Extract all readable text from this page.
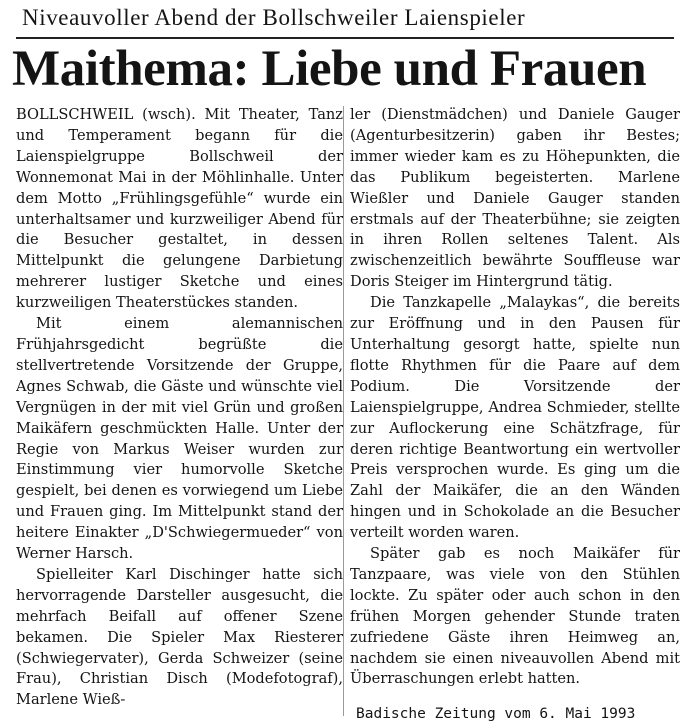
Niveauvoller Abend der Bollschweiler Laienspieler
Maithema: Liebe und Frauen

BOLLSCHWEIL (wsch). Mit Theater, Tanz und Temperament begann für die Laienspielgruppe Bollschweil der Wonnemonat Mai in der Möhlinhalle. Unter dem Motto „Frühlingsgefühle“ wurde ein unterhaltsamer und kurzweiliger Abend für die Besucher gestaltet, in dessen Mittelpunkt die gelungene Darbietung mehrerer lustiger Sketche und eines kurzweiligen Theaterstückes standen.

Mit einem alemannischen Frühjahrsgedicht begrüßte die stellvertretende Vorsitzende der Gruppe, Agnes Schwab, die Gäste und wünschte viel Vergnügen in der mit viel Grün und großen Maikäfern geschmückten Halle. Unter der Regie von Markus Weiser wurden zur Einstimmung vier humorvolle Sketche gespielt, bei denen es vorwiegend um Liebe und Frauen ging. Im Mittelpunkt stand der heitere Einakter „D'Schwiegermueder“ von Werner Harsch.

Spielleiter Karl Dischinger hatte sich hervorragende Darsteller ausgesucht, die mehrfach Beifall auf offener Szene bekamen. Die Spieler Max Riesterer (Schwiegervater), Gerda Schweizer (seine Frau), Christian Disch (Modefotograf), Marlene Wieß-

ler (Dienstmädchen) und Daniele Gauger (Agenturbesitzerin) gaben ihr Bestes; immer wieder kam es zu Höhepunkten, die das Publikum begeisterten. Marlene Wießler und Daniele Gauger standen erstmals auf der Theaterbühne; sie zeigten in ihren Rollen seltenes Talent. Als zwischenzeitlich bewährte Souffleuse war Doris Steiger im Hintergrund tätig.

Die Tanzkapelle „Malaykas“, die bereits zur Eröffnung und in den Pausen für Unterhaltung gesorgt hatte, spielte nun flotte Rhythmen für die Paare auf dem Podium. Die Vorsitzende der Laienspielgruppe, Andrea Schmieder, stellte zur Auflockerung eine Schätzfrage, für deren richtige Beantwortung ein wertvoller Preis versprochen wurde. Es ging um die Zahl der Maikäfer, die an den Wänden hingen und in Schokolade an die Besucher verteilt worden waren.

Später gab es noch Maikäfer für Tanzpaare, was viele von den Stühlen lockte. Zu später oder auch schon in den frühen Morgen gehender Stunde traten zufriedene Gäste ihren Heimweg an, nachdem sie einen niveauvollen Abend mit Überraschungen erlebt hatten.

Badische Zeitung vom 6. Mai 1993
